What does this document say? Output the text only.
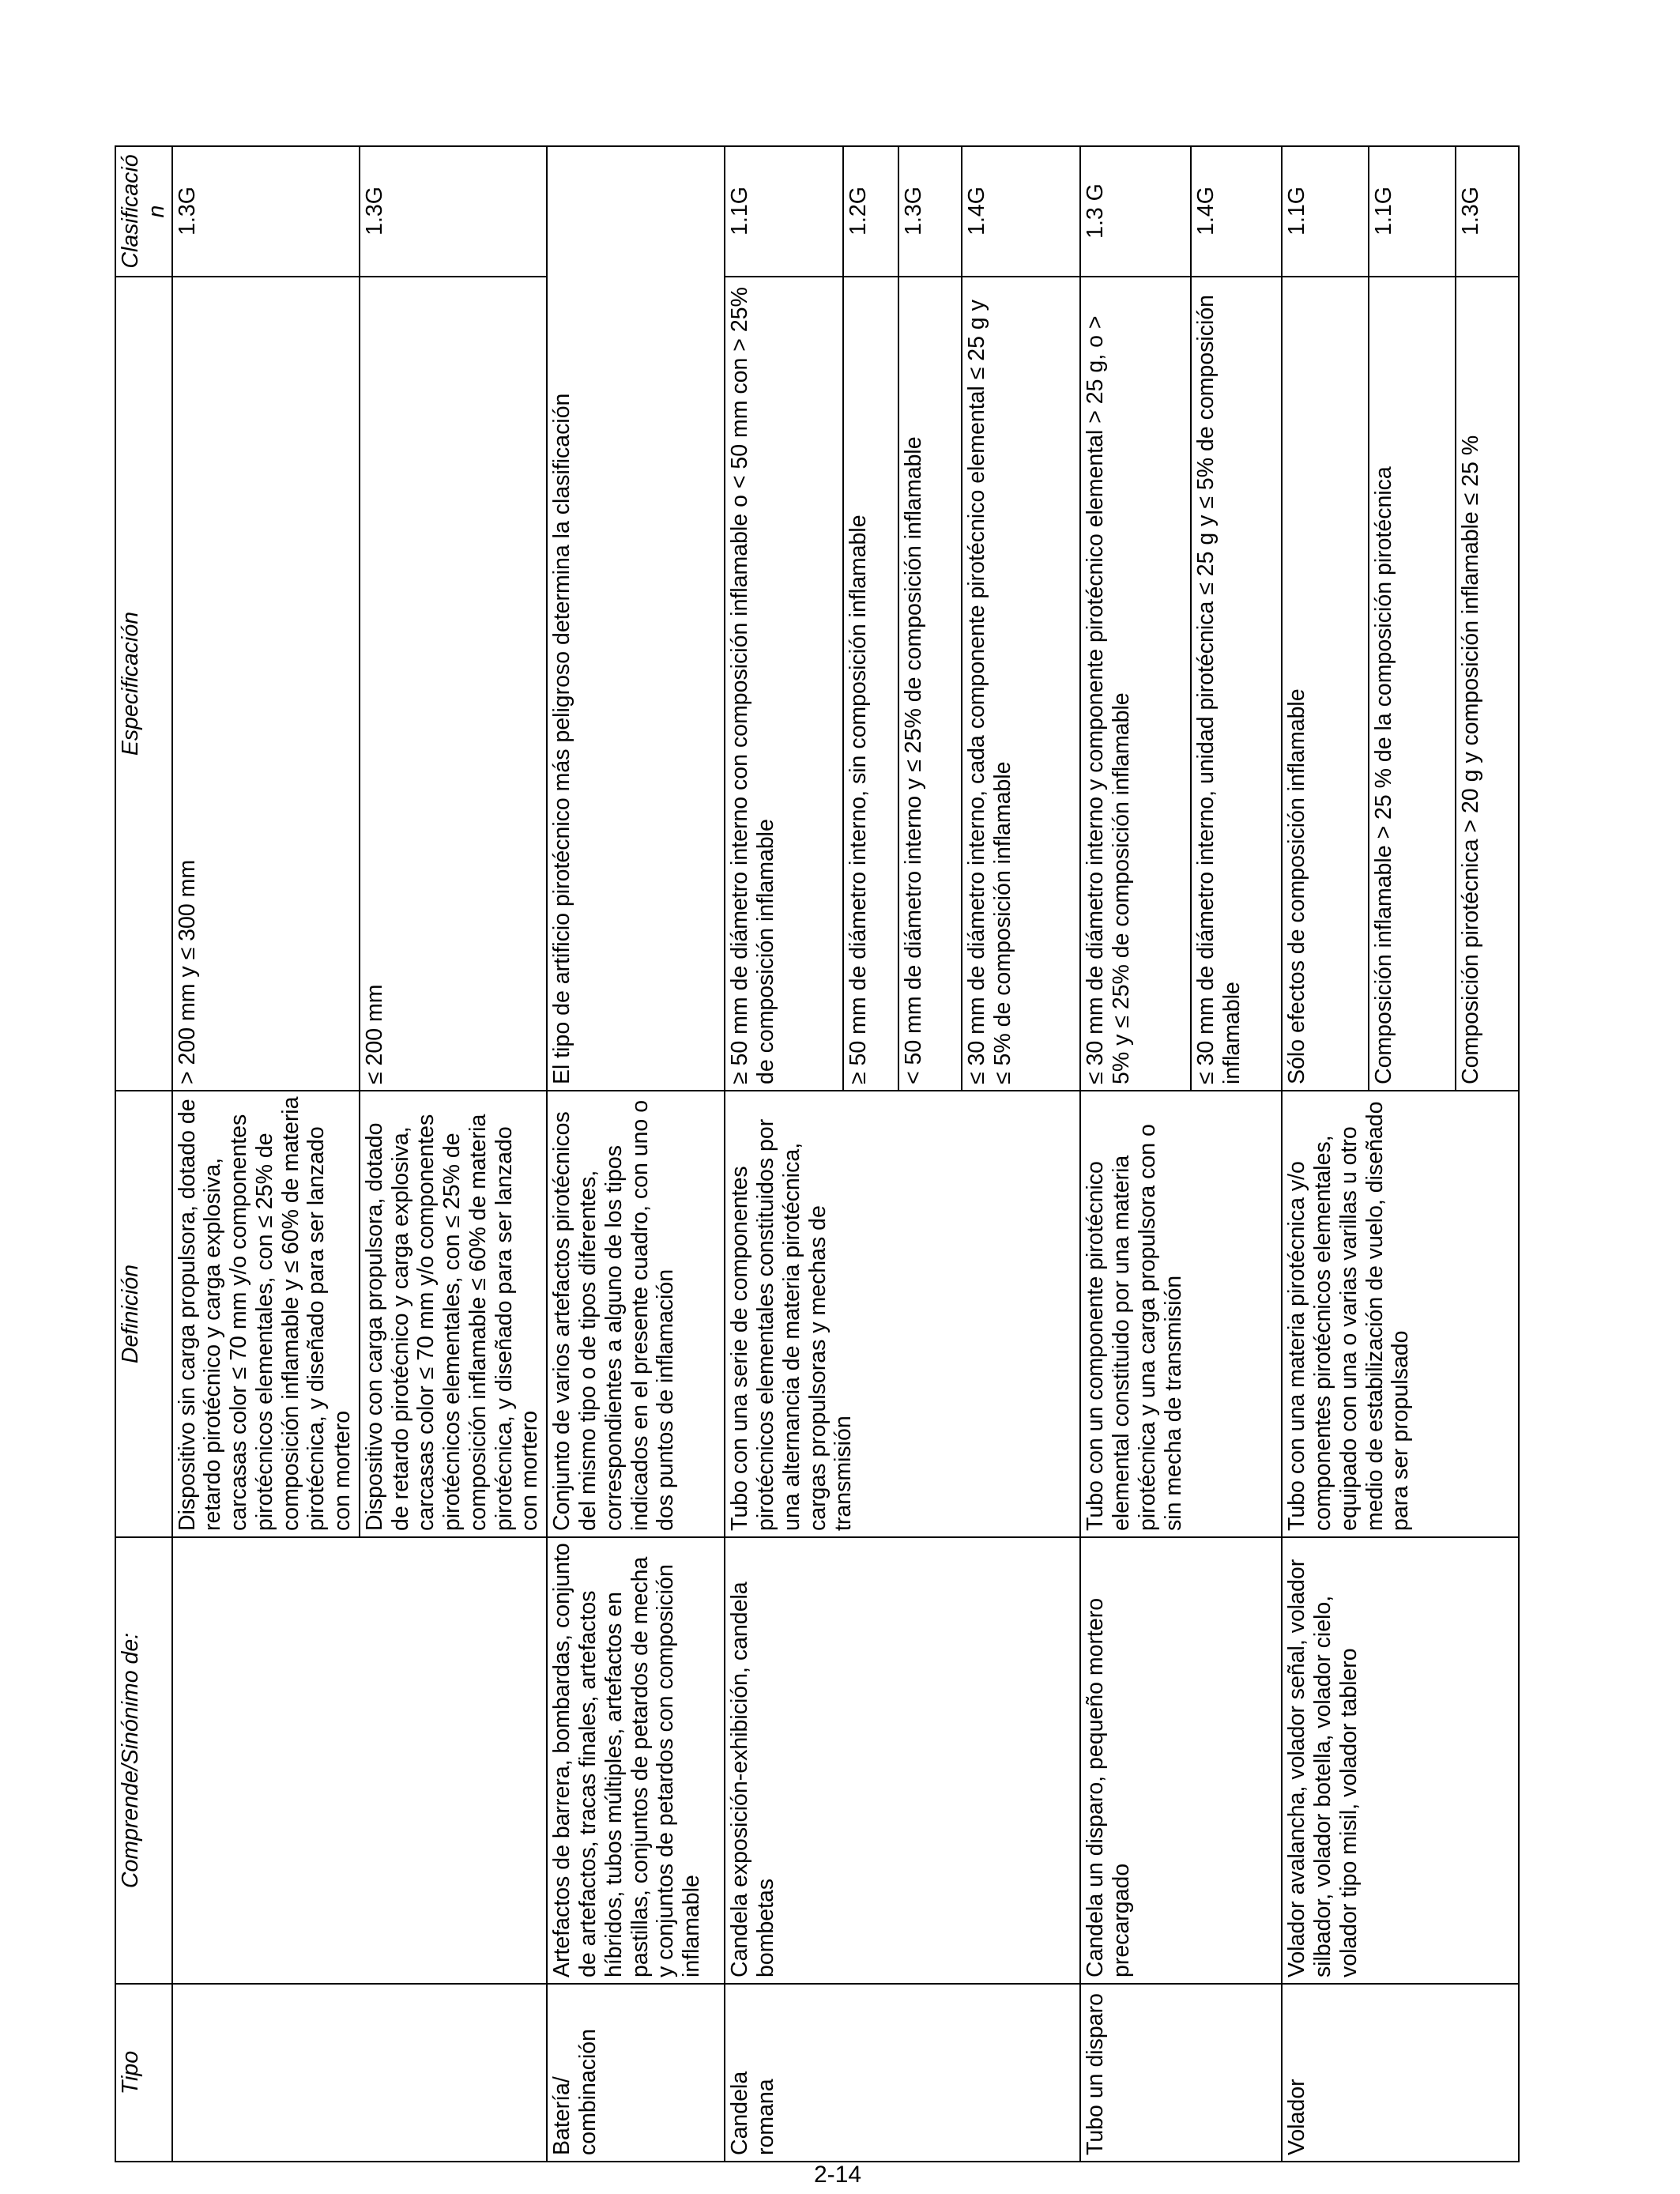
Tipo	Comprende/Sinónimo de:	Definición	Especificación	Clasificación
		Dispositivo sin carga propulsora, dotado de retardo pirotécnico y carga explosiva, carcasas color ≤ 70 mm y/o componentes pirotécnicos elementales, con ≤ 25% de composición inflamable y ≤ 60% de materia pirotécnica, y diseñado para ser lanzado con mortero	> 200 mm y ≤ 300 mm	1.3G
		Dispositivo con carga propulsora, dotado de retardo pirotécnico y carga explosiva, carcasas color ≤ 70 mm y/o componentes pirotécnicos elementales, con ≤ 25% de composición inflamable ≤ 60% de materia pirotécnica, y diseñado para ser lanzado con mortero	≤ 200 mm	1.3G
Batería/ combinación	Artefactos de barrera, bombardas, conjunto de artefactos, tracas finales, artefactos híbridos, tubos múltiples, artefactos en pastillas, conjuntos de petardos de mecha y conjuntos de petardos con composición inflamable	Conjunto de varios artefactos pirotécnicos del mismo tipo o de tipos diferentes, correspondientes a alguno de los tipos indicados en el presente cuadro, con uno o dos puntos de inflamación	El tipo de artificio pirotécnico más peligroso determina la clasificación	
Candela romana	Candela exposición-exhibición, candela bombetas	Tubo con una serie de componentes pirotécnicos elementales constituidos por una alternancia de materia pirotécnica, cargas propulsoras y mechas de transmisión	≥ 50 mm de diámetro interno con composición inflamable o < 50 mm con > 25% de composición inflamable	1.1G
			≥ 50 mm de diámetro interno, sin composición inflamable	1.2G
			< 50 mm de diámetro interno y ≤ 25% de composición inflamable	1.3G
			≤ 30 mm de diámetro interno, cada componente pirotécnico elemental ≤ 25 g y ≤ 5% de composición inflamable	1.4G
Tubo un disparo	Candela un disparo, pequeño mortero precargado	Tubo con un componente pirotécnico elemental constituido por una materia pirotécnica y una carga propulsora con o sin mecha de transmisión	≤ 30 mm de diámetro interno y componente pirotécnico elemental > 25 g, o > 5% y ≤ 25% de composición inflamable	1.3 G
			≤ 30 mm de diámetro interno, unidad pirotécnica ≤ 25 g y ≤ 5% de composición inflamable	1.4G
Volador	Volador avalancha, volador señal, volador silbador, volador botella, volador cielo, volador tipo misil, volador tablero	Tubo con una materia pirotécnica y/o componentes pirotécnicos elementales, equipado con una o varias varillas u otro medio de estabilización de vuelo, diseñado para ser propulsado	Sólo efectos de composición inflamable	1.1G
			Composición inflamable > 25 % de la composición pirotécnica	1.1G
			Composición pirotécnica > 20 g y composición inflamable ≤ 25 %	1.3G
2-14
